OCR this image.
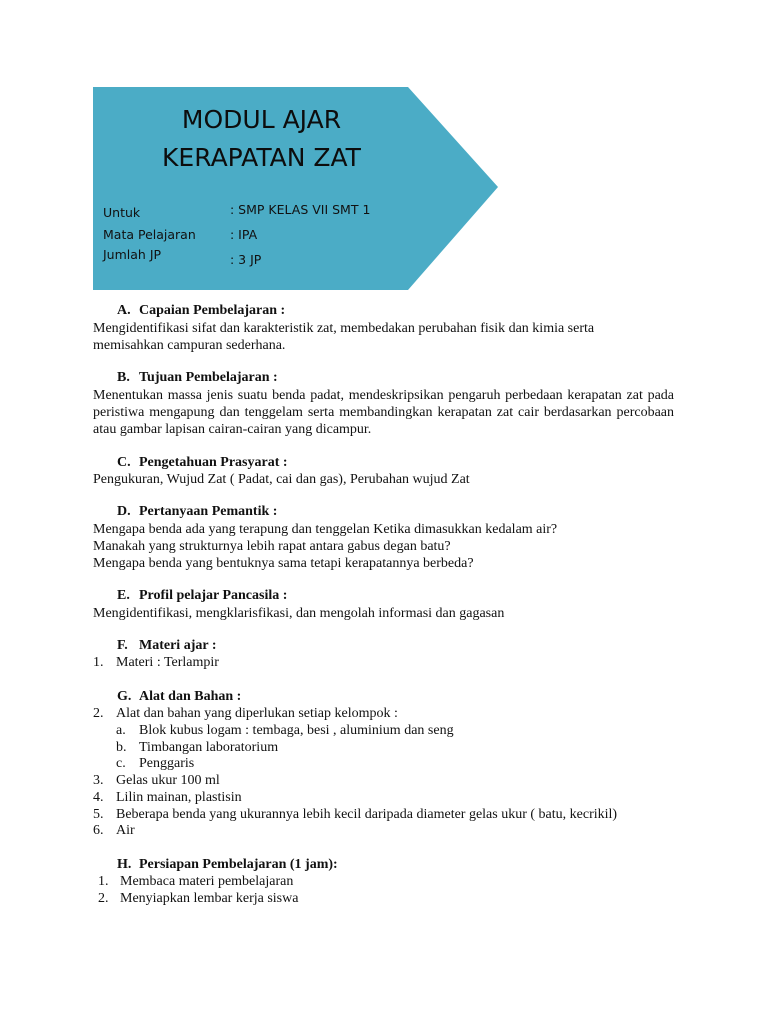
MODUL AJAR
KERAPATAN ZAT
Untuk
Mata Pelajaran
Jumlah JP
: SMP KELAS VII SMT 1
: IPA
: 3 JP
A. Capaian Pembelajaran :
Mengidentifikasi sifat dan karakteristik zat, membedakan perubahan fisik dan kimia serta
memisahkan campuran sederhana.
B. Tujuan Pembelajaran :
Menentukan massa jenis suatu benda padat, mendeskripsikan pengaruh perbedaan kerapatan zat pada peristiwa mengapung dan tenggelam serta membandingkan kerapatan zat cair berdasarkan percobaan atau gambar lapisan cairan-cairan yang dicampur.
C. Pengetahuan Prasyarat :
Pengukuran, Wujud Zat ( Padat, cai dan gas), Perubahan wujud Zat
D. Pertanyaan Pemantik :
Mengapa benda ada yang terapung dan tenggelan Ketika dimasukkan kedalam air?
Manakah yang strukturnya lebih rapat antara gabus degan batu?
Mengapa benda yang bentuknya sama tetapi kerapatannya berbeda?
E. Profil pelajar Pancasila :
Mengidentifikasi, mengklarisfikasi, dan mengolah informasi dan gagasan
F. Materi ajar :
1. Materi : Terlampir
G. Alat dan Bahan :
2. Alat dan bahan yang diperlukan setiap kelompok :
a. Blok kubus logam : tembaga, besi , aluminium dan seng
b. Timbangan laboratorium
c. Penggaris
3. Gelas ukur 100 ml
4. Lilin mainan, plastisin
5. Beberapa benda yang ukurannya lebih kecil daripada diameter gelas ukur ( batu, kecrikil)
6. Air
H. Persiapan Pembelajaran (1 jam):
1. Membaca materi pembelajaran
2. Menyiapkan lembar kerja siswa
